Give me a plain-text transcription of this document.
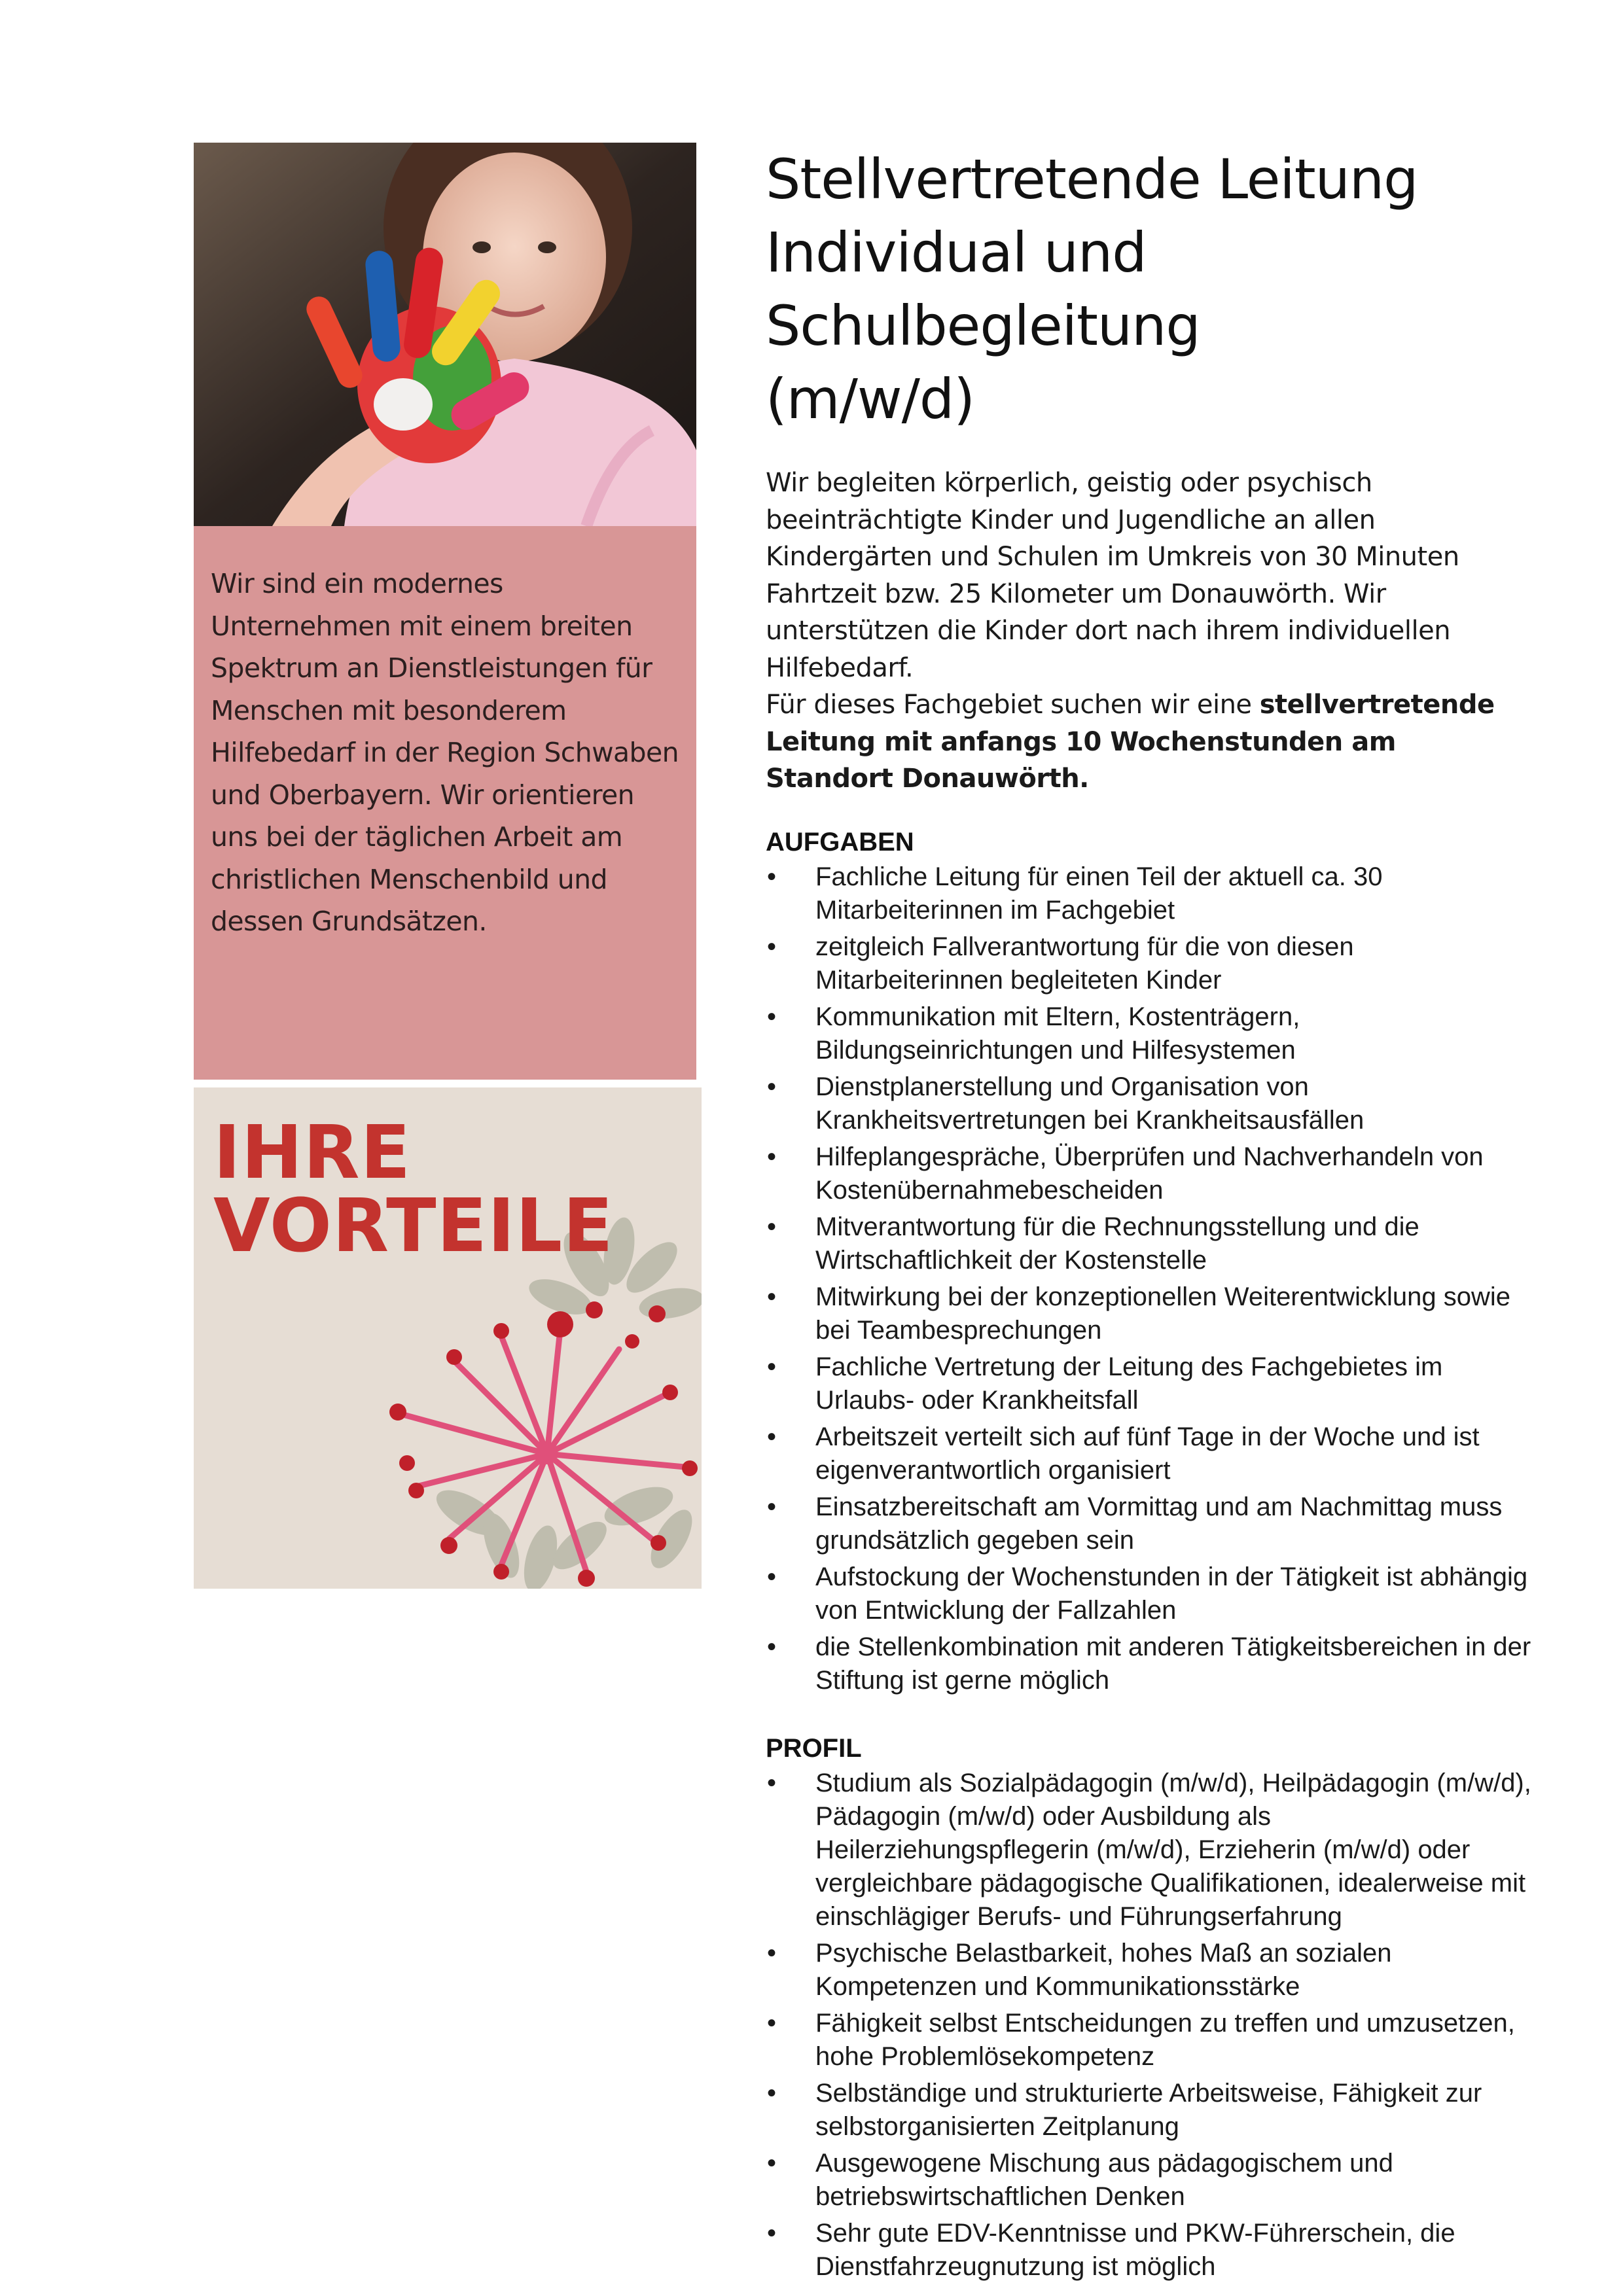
Wir sind ein modernes Unternehmen mit einem breiten Spektrum an Dienstleistungen für Menschen mit besonderem Hilfebedarf in der Region Schwaben und Oberbayern. Wir orientieren uns bei der täglichen Arbeit am christlichen Menschenbild und dessen Grundsätzen.

IHRE
VORTEILE
Stellvertretende Leitung
Individual und Schulbegleitung
(m/w/d)

Wir begleiten körperlich, geistig oder psychisch beeinträchtigte Kinder und Jugendliche an allen Kindergärten und Schulen im Umkreis von 30 Minuten Fahrtzeit bzw. 25 Kilometer um Donauwörth. Wir unterstützen die Kinder dort nach ihrem individuellen Hilfebedarf.

Für dieses Fachgebiet suchen wir eine stellvertretende Leitung mit anfangs 10 Wochenstunden am Standort Donauwörth.

AUFGABEN
• Fachliche Leitung für einen Teil der aktuell ca. 30 Mitarbeiterinnen im Fachgebiet
• zeitgleich Fallverantwortung für die von diesen Mitarbeiterinnen begleiteten Kinder
• Kommunikation mit Eltern, Kostenträgern, Bildungseinrichtungen und Hilfesystemen
• Dienstplanerstellung und Organisation von Krankheitsvertretungen bei Krankheitsausfällen
• Hilfeplangespräche, Überprüfen und Nachverhandeln von Kostenübernahmebescheiden
• Mitverantwortung für die Rechnungsstellung und die Wirtschaftlichkeit der Kostenstelle
• Mitwirkung bei der konzeptionellen Weiterentwicklung sowie bei Teambesprechungen
• Fachliche Vertretung der Leitung des Fachgebietes im Urlaubs- oder Krankheitsfall
• Arbeitszeit verteilt sich auf fünf Tage in der Woche und ist eigenverantwortlich organisiert
• Einsatzbereitschaft am Vormittag und am Nachmittag muss grundsätzlich gegeben sein
• Aufstockung der Wochenstunden in der Tätigkeit ist abhängig von Entwicklung der Fallzahlen
• die Stellenkombination mit anderen Tätigkeitsbereichen in der Stiftung ist gerne möglich
PROFIL
• Studium als Sozialpädagogin (m/w/d), Heilpädagogin (m/w/d), Pädagogin (m/w/d) oder Ausbildung als Heilerziehungspflegerin (m/w/d), Erzieherin (m/w/d) oder vergleichbare pädagogische Qualifikationen, idealerweise mit einschlägiger Berufs- und Führungserfahrung
• Psychische Belastbarkeit, hohes Maß an sozialen Kompetenzen und Kommunikationsstärke
• Fähigkeit selbst Entscheidungen zu treffen und umzusetzen, hohe Problemlösekompetenz
• Selbständige und strukturierte Arbeitsweise, Fähigkeit zur selbstorganisierten Zeitplanung
• Ausgewogene Mischung aus pädagogischem und betriebswirtschaftlichen Denken
• Sehr gute EDV-Kenntnisse und PKW-Führerschein, die Dienstfahrzeugnutzung ist möglich
